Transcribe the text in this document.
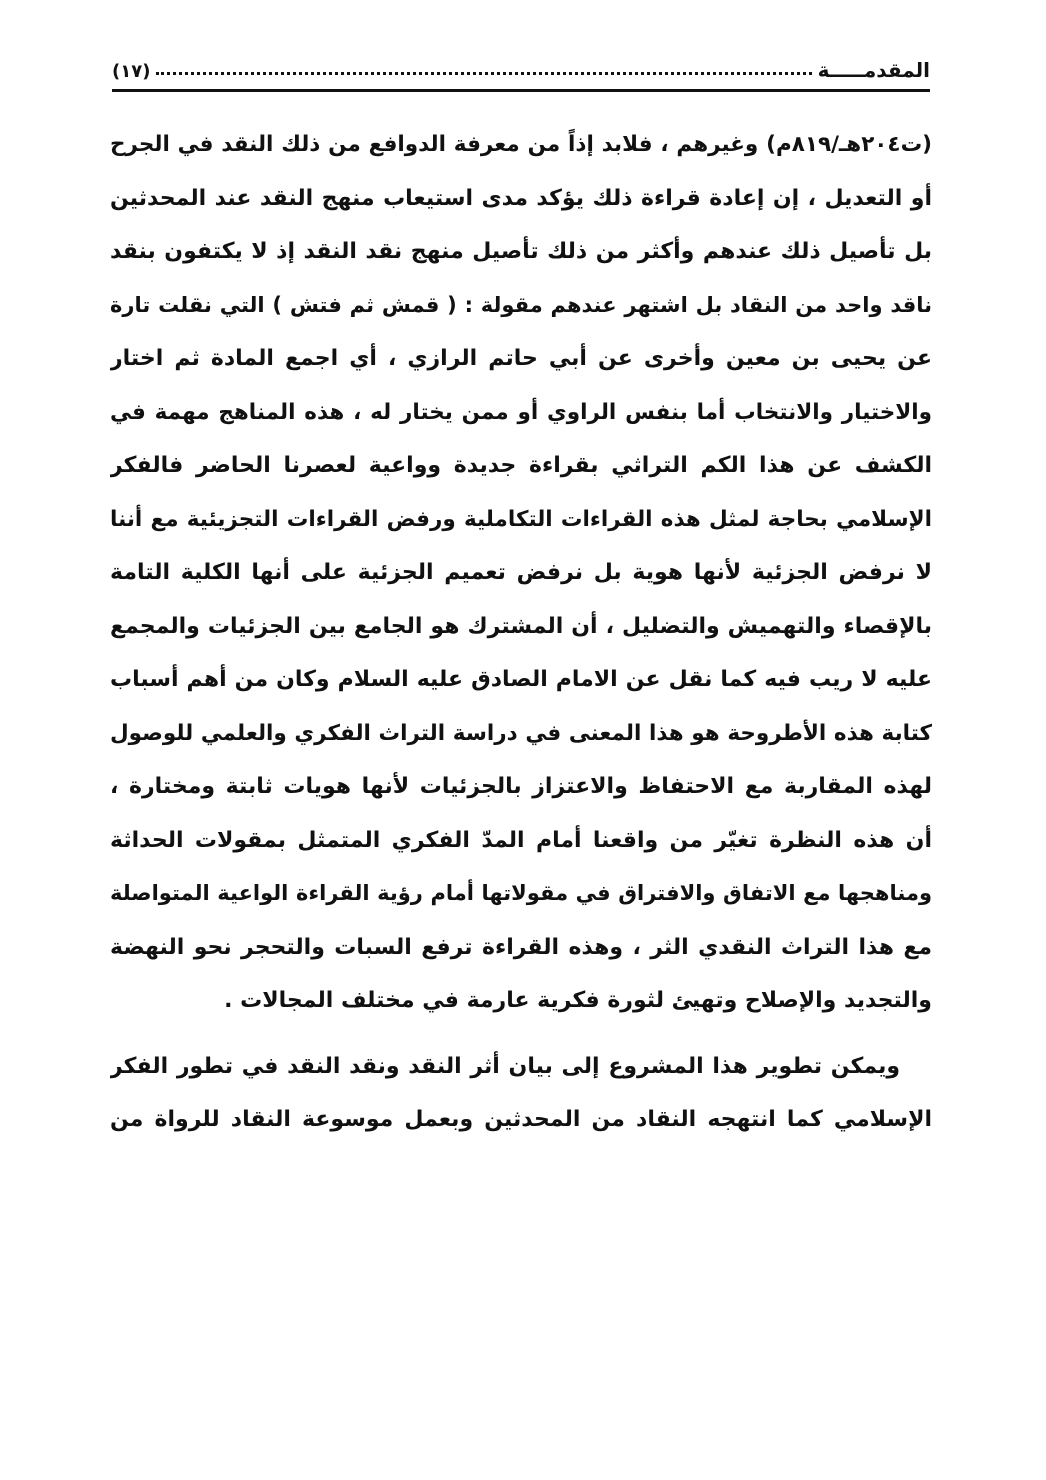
المقدمـــــة
(١٧)
(ت٢٠٤هـ/٨١٩م) وغيرهم ، فلابد إذاً من معرفة الدوافع من ذلك النقد في الجرح
أو التعديل ، إن إعادة قراءة ذلك يؤكد مدى استيعاب منهج النقد عند المحدثين
بل تأصيل ذلك عندهم وأكثر من ذلك تأصيل منهج نقد النقد إذ لا يكتفون بنقد
ناقد واحد من النقاد بل اشتهر عندهم مقولة : ( قمش ثم فتش ) التي نقلت تارة
عن يحيى بن معين وأخرى عن أبي حاتم الرازي ، أي اجمع المادة ثم اختار
والاختيار والانتخاب أما بنفس الراوي أو ممن يختار له ، هذه المناهج مهمة في
الكشف عن هذا الكم التراثي بقراءة جديدة وواعية لعصرنا الحاضر فالفكر
الإسلامي بحاجة لمثل هذه القراءات التكاملية ورفض القراءات التجزيئية مع أننا
لا نرفض الجزئية لأنها هوية بل نرفض تعميم الجزئية على أنها الكلية التامة
بالإقصاء والتهميش والتضليل ، أن المشترك هو الجامع بين الجزئيات والمجمع
عليه لا ريب فيه كما نقل عن الامام الصادق عليه السلام وكان من أهم أسباب
كتابة هذه الأطروحة هو هذا المعنى في دراسة التراث الفكري والعلمي للوصول
لهذه المقاربة مع الاحتفاظ والاعتزاز بالجزئيات لأنها هويات ثابتة ومختارة ،
أن هذه النظرة تغيّر من واقعنا أمام المدّ الفكري المتمثل بمقولات الحداثة
ومناهجها مع الاتفاق والافتراق في مقولاتها أمام رؤية القراءة الواعية المتواصلة
مع هذا التراث النقدي الثر ، وهذه القراءة ترفع السبات والتحجر نحو النهضة
والتجديد والإصلاح وتهيئ لثورة فكرية عارمة في مختلف المجالات .
ويمكن تطوير هذا المشروع إلى بيان أثر النقد ونقد النقد في تطور الفكر
الإسلامي كما انتهجه النقاد من المحدثين وبعمل موسوعة النقاد للرواة من
